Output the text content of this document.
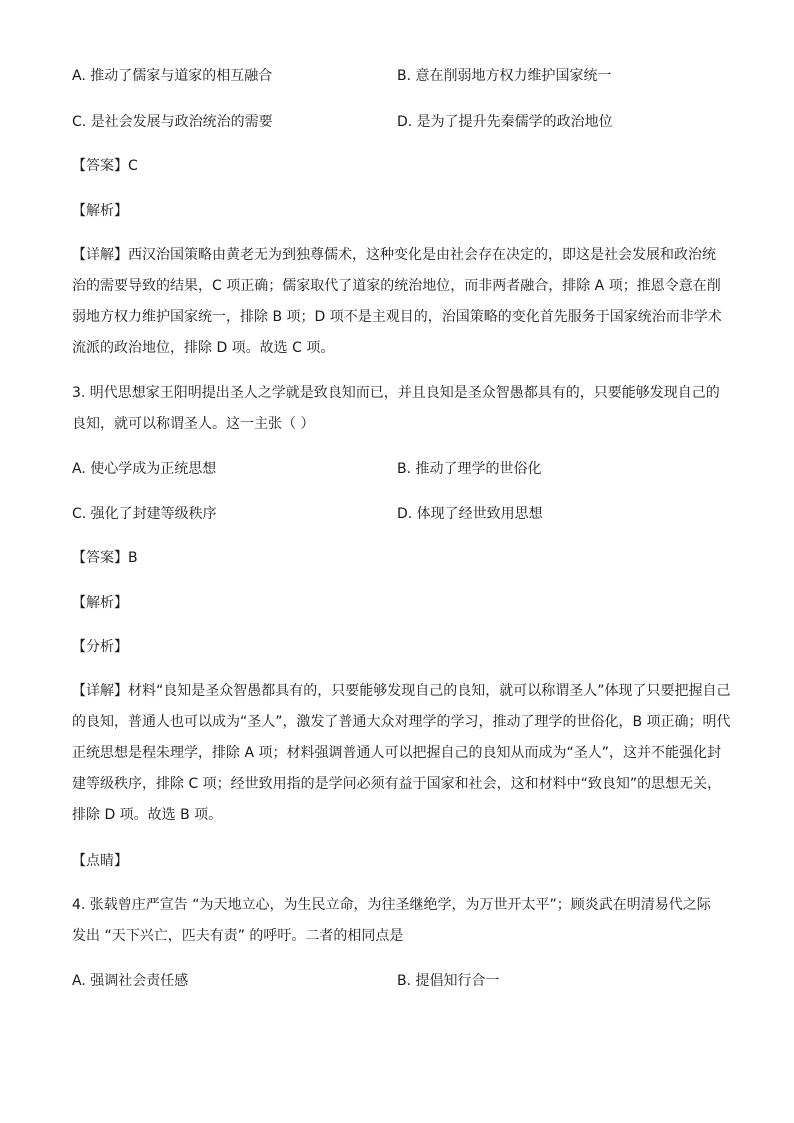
A. 推动了儒家与道家的相互融合	B. 意在削弱地方权力维护国家统一
C. 是社会发展与政治统治的需要	D. 是为了提升先秦儒学的政治地位
【答案】C
【解析】
【详解】西汉治国策略由黄老无为到独尊儒术，这种变化是由社会存在决定的，即这是社会发展和政治统
治的需要导致的结果，C 项正确；儒家取代了道家的统治地位，而非两者融合，排除 A 项；推恩令意在削
弱地方权力维护国家统一，排除 B 项；D 项不是主观目的，治国策略的变化首先服务于国家统治而非学术
流派的政治地位，排除 D 项。故选 C 项。
3. 明代思想家王阳明提出圣人之学就是致良知而已，并且良知是圣众智愚都具有的，只要能够发现自己的
良知，就可以称谓圣人。这一主张（ ）
A. 使心学成为正统思想	B. 推动了理学的世俗化
C. 强化了封建等级秩序	D. 体现了经世致用思想
【答案】B
【解析】
【分析】
【详解】材料“良知是圣众智愚都具有的，只要能够发现自己的良知，就可以称谓圣人”体现了只要把握自己
的良知，普通人也可以成为“圣人”，激发了普通大众对理学的学习，推动了理学的世俗化，B 项正确；明代
正统思想是程朱理学，排除 A 项；材料强调普通人可以把握自己的良知从而成为“圣人”，这并不能强化封
建等级秩序，排除 C 项；经世致用指的是学问必须有益于国家和社会，这和材料中“致良知”的思想无关，
排除 D 项。故选 B 项。
【点睛】
4. 张载曾庄严宣告 “为天地立心，为生民立命，为往圣继绝学，为万世开太平”；顾炎武在明清易代之际
发出 “天下兴亡，匹夫有责” 的呼吁。二者的相同点是
A. 强调社会责任感	B. 提倡知行合一
